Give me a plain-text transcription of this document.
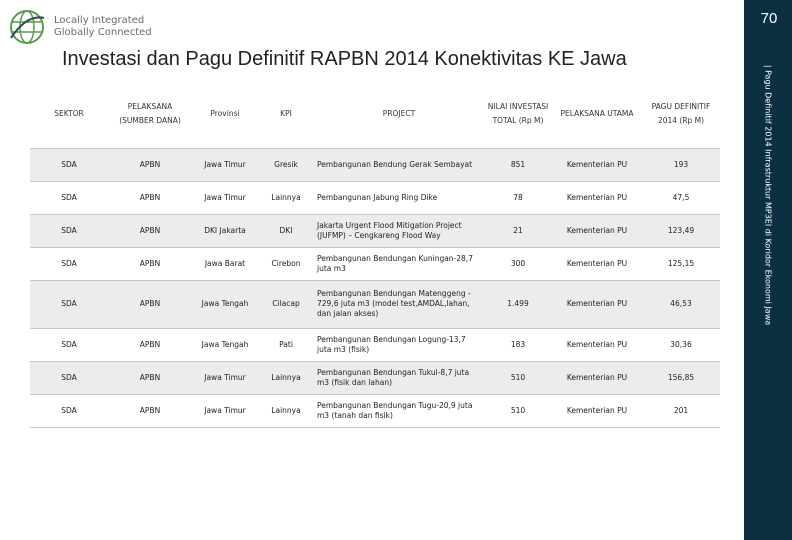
Locally Integrated
Globally Connected
Investasi dan Pagu Definitif RAPBN 2014 Konektivitas KE Jawa
| Pagu Definitif 2014 Infrastruktur MP3EI di Koridor Ekonomi Jawa
70
SEKTOR	PELAKSANA (SUMBER DANA)	Provinsi	KPI	PROJECT	NILAI INVESTASI TOTAL (Rp M)	PELAKSANA UTAMA	PAGU DEFINITIF 2014 (Rp M)
SDA	APBN	Jawa Timur	Gresik	Pembangunan Bendung Gerak Sembayat	851	Kementerian PU	193
SDA	APBN	Jawa Timur	Lainnya	Pembangunan Jabung Ring Dike	78	Kementerian PU	47,5
SDA	APBN	DKI Jakarta	DKI	Jakarta Urgent Flood Mitigation Project (JUFMP) – Cengkareng Flood Way	21	Kementerian PU	123,49
SDA	APBN	Jawa Barat	Cirebon	Pembangunan Bendungan Kuningan-28,7 juta m3	300	Kementerian PU	125,15
SDA	APBN	Jawa Tengah	Cilacap	Pembangunan Bendungan Matenggeng - 729,6 juta m3 (model test,AMDAL,lahan, dan jalan akses)	1.499	Kementerian PU	46,53
SDA	APBN	Jawa Tengah	Pati	Pembangunan Bendungan Logung-13,7 juta m3 (fisik)	183	Kementerian PU	30,36
SDA	APBN	Jawa Timur	Lainnya	Pembangunan Bendungan Tukul-8,7 juta m3 (fisik dan lahan)	510	Kementerian PU	156,85
SDA	APBN	Jawa Timur	Lainnya	Pembangunan Bendungan Tugu-20,9 juta m3 (tanah dan fisik)	510	Kementerian PU	201
